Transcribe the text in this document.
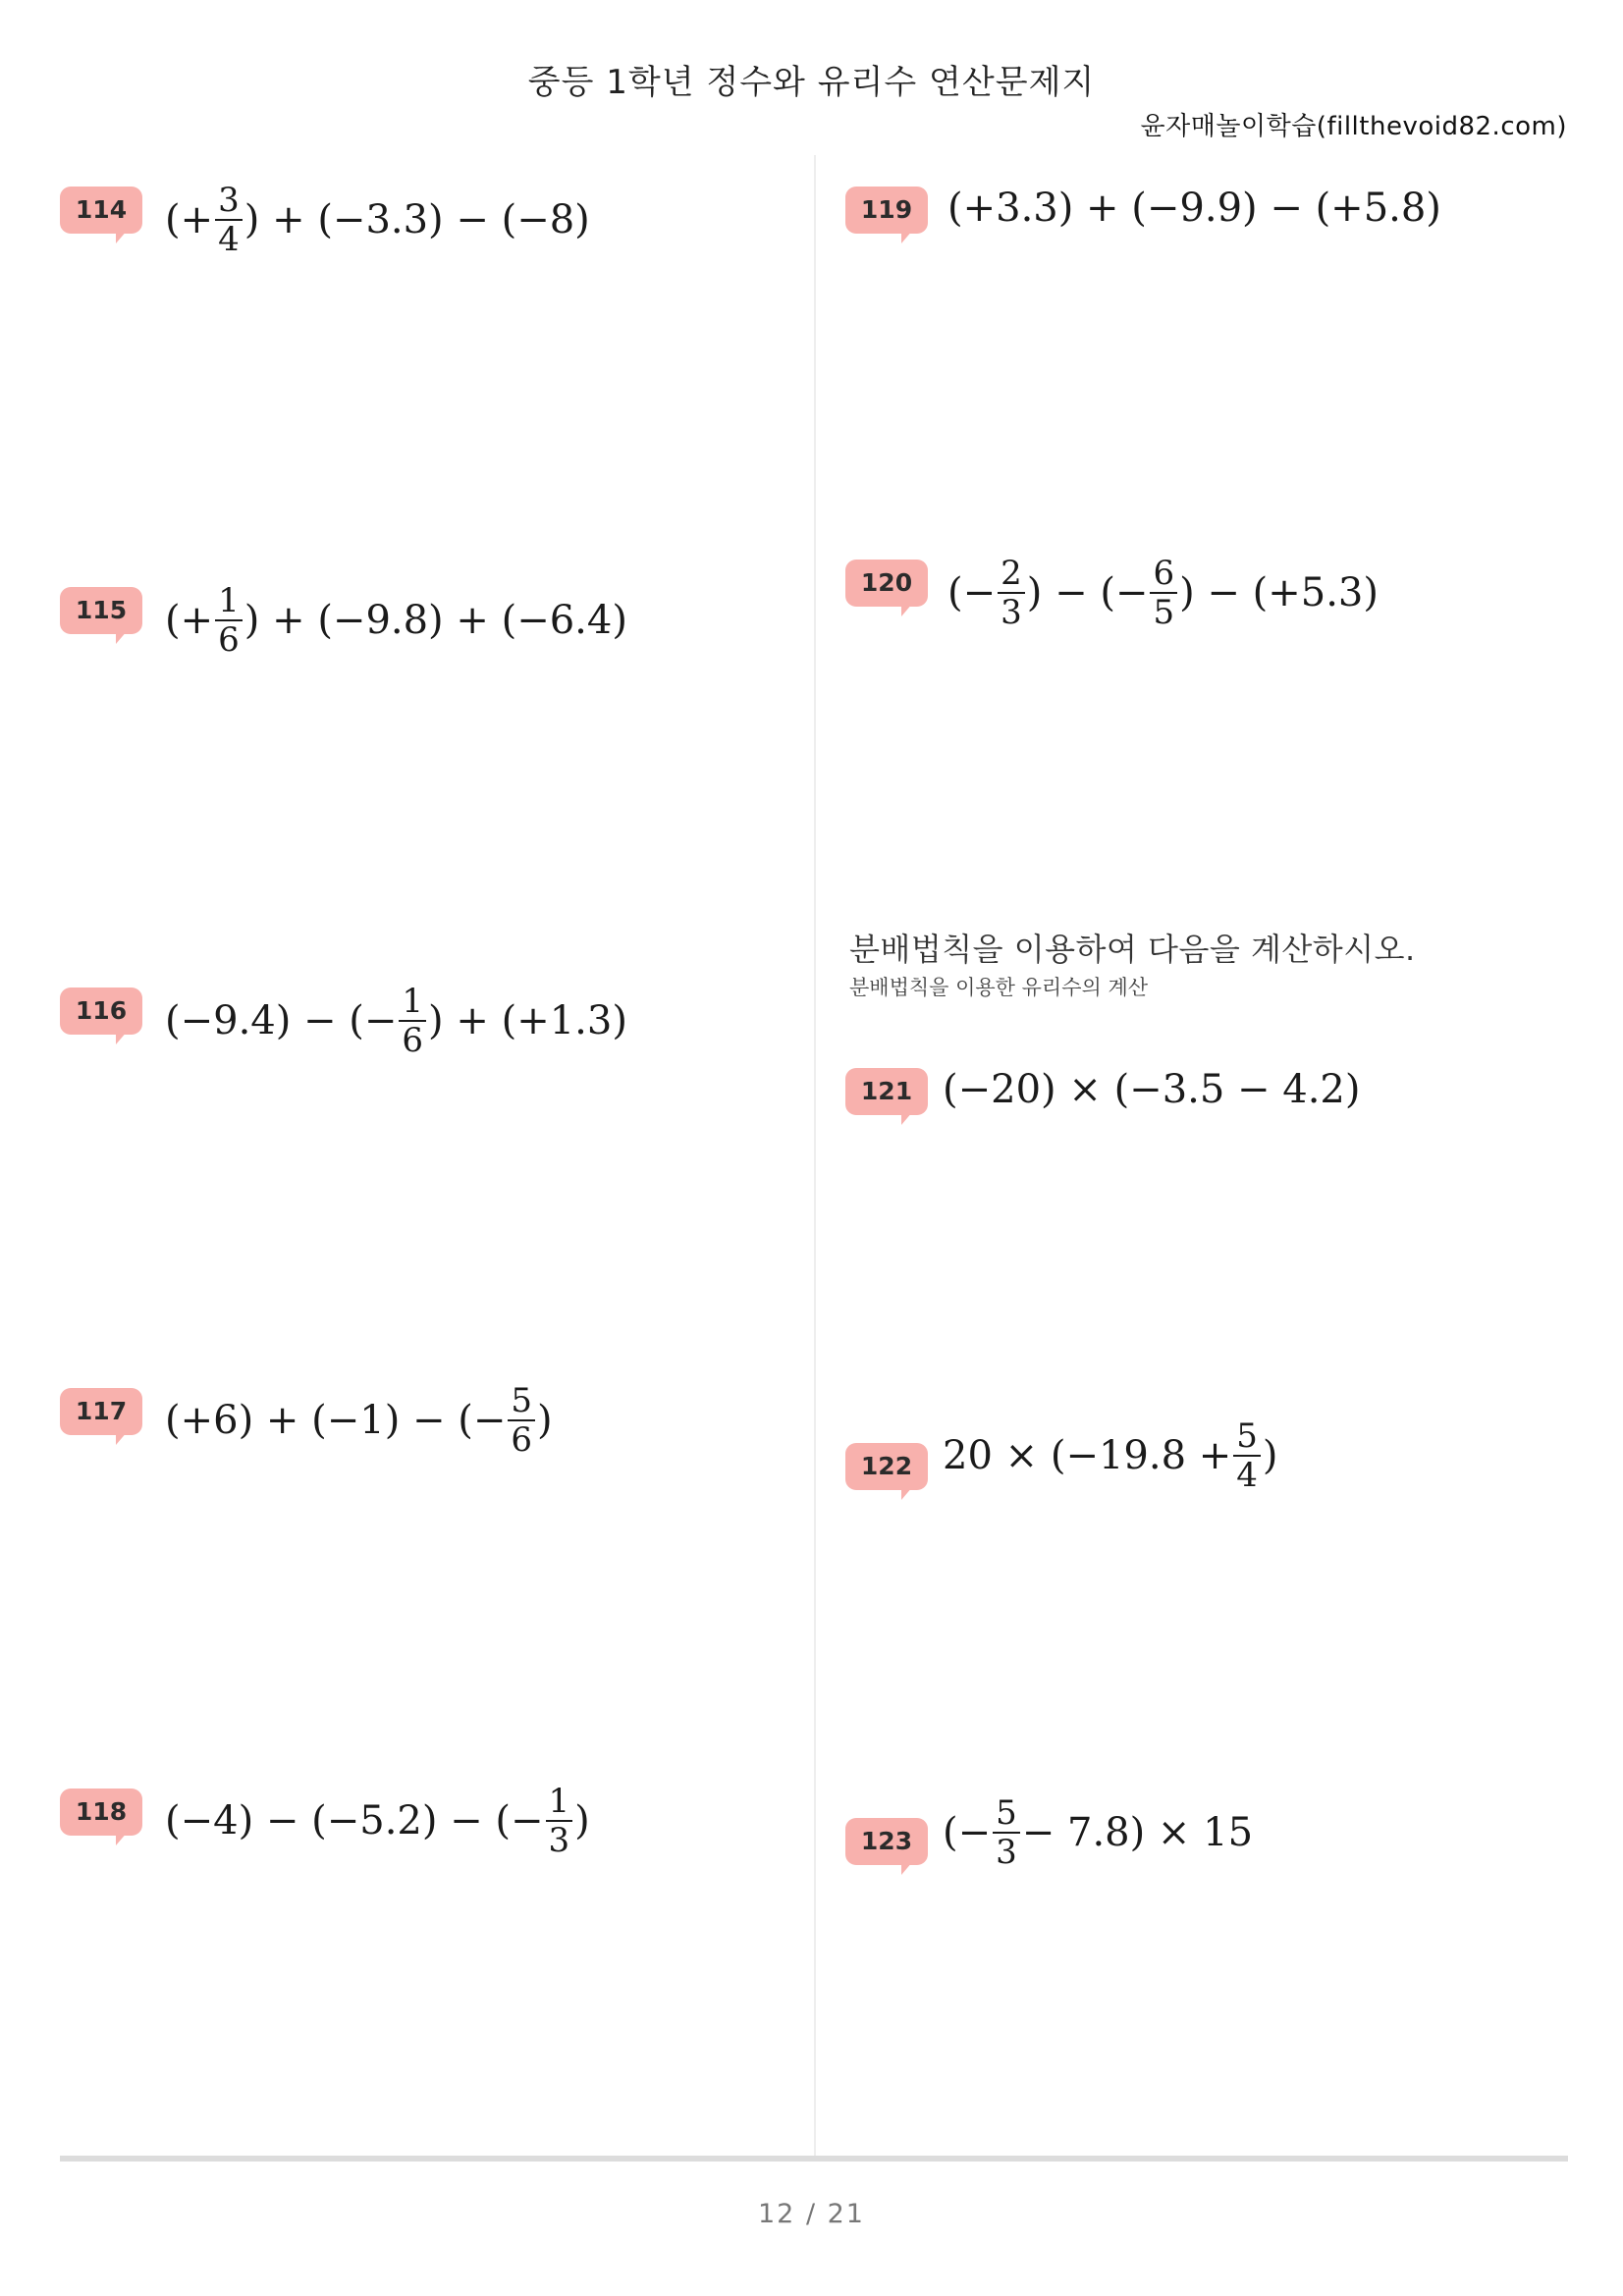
중등 1학년 정수와 유리수 연산문제지
윤자매놀이학습(fillthevoid82.com)
114 (+ $\frac{3}{4}$ ) + (−3.3) − (−8)
115 (+ $\frac{1}{6}$ ) + (−9.8) + (−6.4)
116 (−9.4) − (− $\frac{1}{6}$ ) + (+1.3)
117 (+6) + (−1) − (− $\frac{5}{6}$ )
118 (−4) − (−5.2) − (− $\frac{1}{3}$ )
119 (+3.3) + (−9.9) − (+5.8)
120 (− $\frac{2}{3}$ ) − (− $\frac{6}{5}$ ) − (+5.3)
분배법칙을 이용하여 다음을 계산하시오.
분배법칙을 이용한 유리수의 계산
121 (−20) × (−3.5 − 4.2)
122 $20 \times (-19.8 + \frac{5}{4}$ )
123 (− $\frac{5}{3} - 7.8) \times 15$
12 / 21
